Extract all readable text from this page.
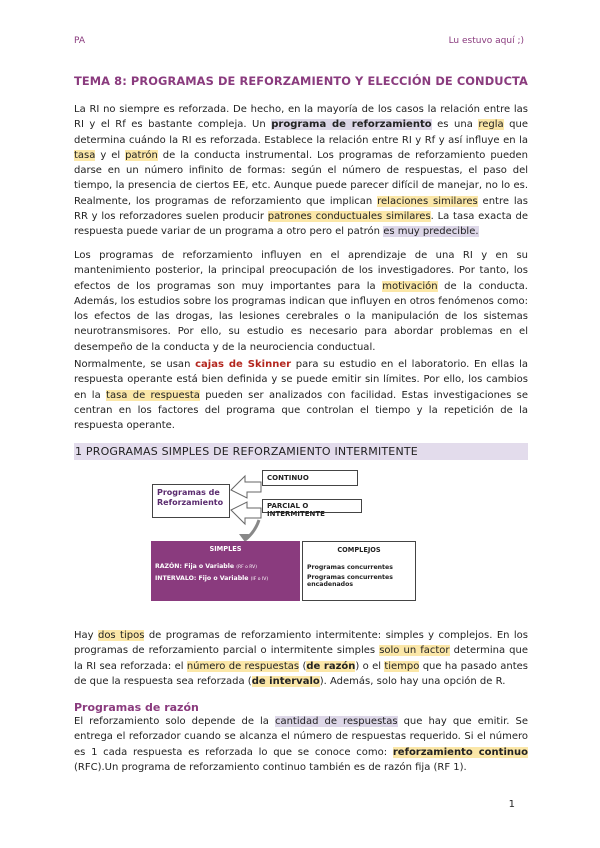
PA	Lu estuvo aquí ;)
TEMA 8: PROGRAMAS DE REFORZAMIENTO Y ELECCIÓN DE CONDUCTA
La RI no siempre es reforzada. De hecho, en la mayoría de los casos la relación entre las RI y el Rf es bastante compleja. Un programa de reforzamiento es una regla que determina cuándo la RI es reforzada. Establece la relación entre RI y Rf y así influye en la tasa y el patrón de la conducta instrumental. Los programas de reforzamiento pueden darse en un número infinito de formas: según el número de respuestas, el paso del tiempo, la presencia de ciertos EE, etc. Aunque puede parecer difícil de manejar, no lo es. Realmente, los programas de reforzamiento que implican relaciones similares entre las RR y los reforzadores suelen producir patrones conductuales similares. La tasa exacta de respuesta puede variar de un programa a otro pero el patrón es muy predecible.
Los programas de reforzamiento influyen en el aprendizaje de una RI y en su mantenimiento posterior, la principal preocupación de los investigadores. Por tanto, los efectos de los programas son muy importantes para la motivación de la conducta. Además, los estudios sobre los programas indican que influyen en otros fenómenos como: los efectos de las drogas, las lesiones cerebrales o la manipulación de los sistemas neurotransmisores. Por ello, su estudio es necesario para abordar problemas en el desempeño de la conducta y de la neurociencia conductual.
Normalmente, se usan cajas de Skinner para su estudio en el laboratorio. En ellas la respuesta operante está bien definida y se puede emitir sin límites. Por ello, los cambios en la tasa de respuesta pueden ser analizados con facilidad. Estas investigaciones se centran en los factores del programa que controlan el tiempo y la repetición de la respuesta operante.
1 PROGRAMAS SIMPLES DE REFORZAMIENTO INTERMITENTE
Programas de Reforzamiento
CONTINUO
PARCIAL O INTERMITENTE
SIMPLES
RAZÓN: Fija o Variable (RF o RV)
INTERVALO: Fijo o Variable (IF o IV)
COMPLEJOS
Programas concurrentes
Programas concurrentes encadenados
Hay dos tipos de programas de reforzamiento intermitente: simples y complejos. En los programas de reforzamiento parcial o intermitente simples solo un factor determina que la RI sea reforzada: el número de respuestas (de razón) o el tiempo que ha pasado antes de que la respuesta sea reforzada (de intervalo). Además, solo hay una opción de R.
Programas de razón
El reforzamiento solo depende de la cantidad de respuestas que hay que emitir. Se entrega el reforzador cuando se alcanza el número de respuestas requerido. Si el número es 1 cada respuesta es reforzada lo que se conoce como: reforzamiento continuo (RFC).Un programa de reforzamiento continuo también es de razón fija (RF 1).
1
